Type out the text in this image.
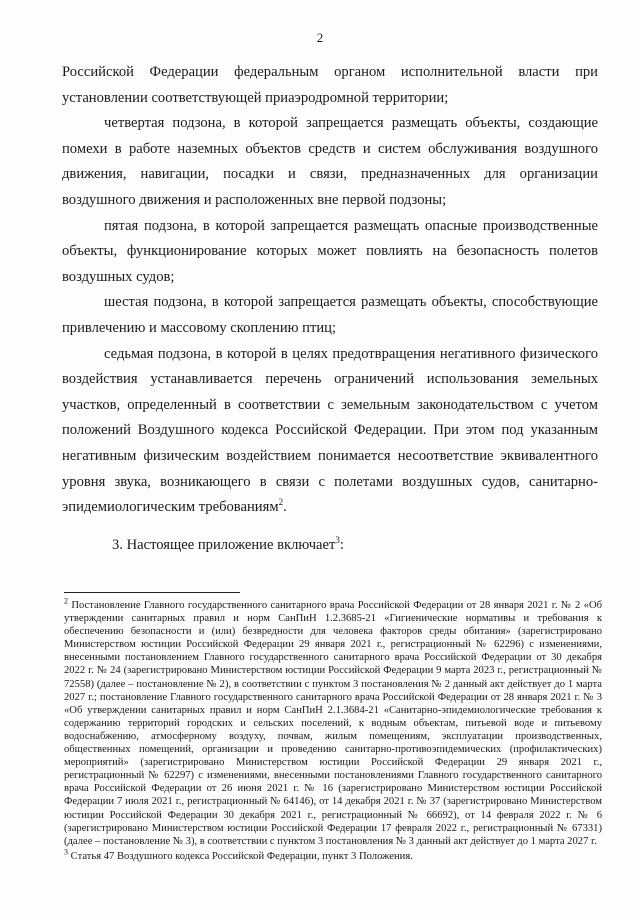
2

Российской Федерации федеральным органом исполнительной власти при установлении соответствующей приаэродромной территории;

четвертая подзона, в которой запрещается размещать объекты, создающие помехи в работе наземных объектов средств и систем обслуживания воздушного движения, навигации, посадки и связи, предназначенных для организации воздушного движения и расположенных вне первой подзоны;

пятая подзона, в которой запрещается размещать опасные производственные объекты, функционирование которых может повлиять на безопасность полетов воздушных судов;

шестая подзона, в которой запрещается размещать объекты, способствующие привлечению и массовому скоплению птиц;

седьмая подзона, в которой в целях предотвращения негативного физического воздействия устанавливается перечень ограничений использования земельных участков, определенный в соответствии с земельным законодательством с учетом положений Воздушного кодекса Российской Федерации. При этом под указанным негативным физическим воздействием понимается несоответствие эквивалентного уровня звука, возникающего в связи с полетами воздушных судов, санитарно-эпидемиологическим требованиям$^2$.

3. Настоящее приложение включает$^3$:

$^2$ Постановление Главного государственного санитарного врача Российской Федерации от 28 января 2021 г. № 2 «Об утверждении санитарных правил и норм СанПиН 1.2.3685-21 «Гигиенические нормативы и требования к обеспечению безопасности и (или) безвредности для человека факторов среды обитания» (зарегистрировано Министерством юстиции Российской Федерации 29 января 2021 г., регистрационный № 62296) с изменениями, внесенными постановлением Главного государственного санитарного врача Российской Федерации от 30 декабря 2022 г. № 24 (зарегистрировано Министерством юстиции Российской Федерации 9 марта 2023 г., регистрационный № 72558) (далее – постановление № 2), в соответствии с пунктом 3 постановления № 2 данный акт действует до 1 марта 2027 г.; постановление Главного государственного санитарного врача Российской Федерации от 28 января 2021 г. № 3 «Об утверждении санитарных правил и норм СанПиН 2.1.3684-21 «Санитарно-эпидемиологические требования к содержанию территорий городских и сельских поселений, к водным объектам, питьевой воде и питьевому водоснабжению, атмосферному воздуху, почвам, жилым помещениям, эксплуатации производственных, общественных помещений, организации и проведению санитарно-противоэпидемических (профилактических) мероприятий» (зарегистрировано Министерством юстиции Российской Федерации 29 января 2021 г., регистрационный № 62297) с изменениями, внесенными постановлениями Главного государственного санитарного врача Российской Федерации от 26 июня 2021 г. № 16 (зарегистрировано Министерством юстиции Российской Федерации 7 июля 2021 г., регистрационный № 64146), от 14 декабря 2021 г. № 37 (зарегистрировано Министерством юстиции Российской Федерации 30 декабря 2021 г., регистрационный № 66692), от 14 февраля 2022 г. № 6 (зарегистрировано Министерством юстиции Российской Федерации 17 февраля 2022 г., регистрационный № 67331) (далее – постановление № 3), в соответствии с пунктом 3 постановления № 3 данный акт действует до 1 марта 2027 г.

$^3$ Статья 47 Воздушного кодекса Российской Федерации, пункт 3 Положения.
